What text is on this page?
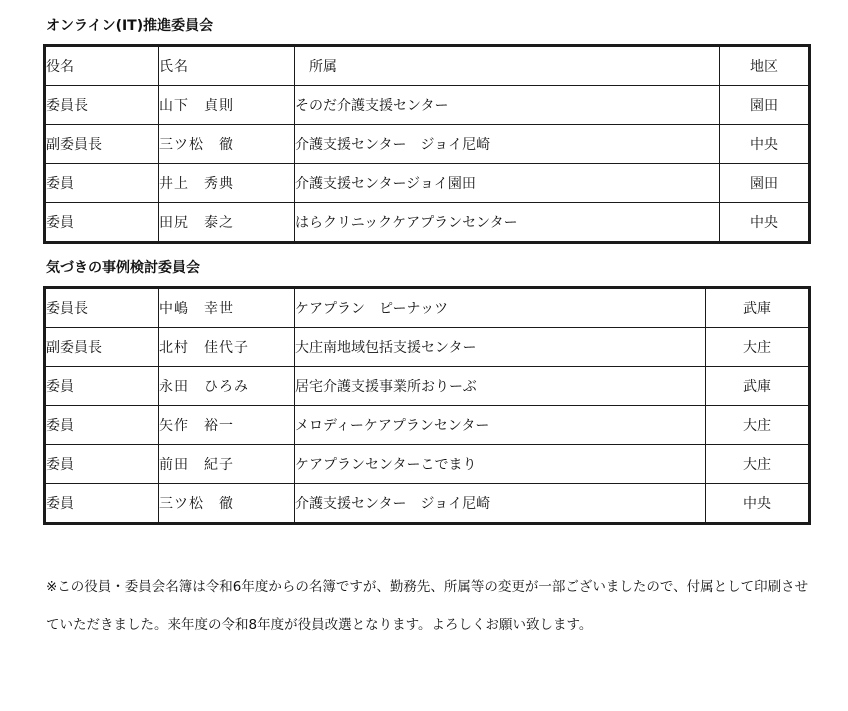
オンライン(IT)推進委員会
役名	氏名	所属	地区
委員長	山下　貞則	そのだ介護支援センター	園田
副委員長	三ツ松　徹	介護支援センター　ジョイ尼崎	中央
委員	井上　秀典	介護支援センタージョイ園田	園田
委員	田尻　泰之	はらクリニックケアプランセンター	中央
気づきの事例検討委員会
委員長	中嶋　幸世	ケアプラン　ピーナッツ	武庫
副委員長	北村　佳代子	大庄南地域包括支援センター	大庄
委員	永田　ひろみ	居宅介護支援事業所おりーぶ	武庫
委員	矢作　裕一	メロディーケアプランセンター	大庄
委員	前田　紀子	ケアプランセンターこでまり	大庄
委員	三ツ松　徹	介護支援センター　ジョイ尼崎	中央

※この役員・委員会名簿は令和6年度からの名簿ですが、勤務先、所属等の変更が一部ございましたので、付属として印刷させていただきました。来年度の令和8年度が役員改選となります。よろしくお願い致します。
